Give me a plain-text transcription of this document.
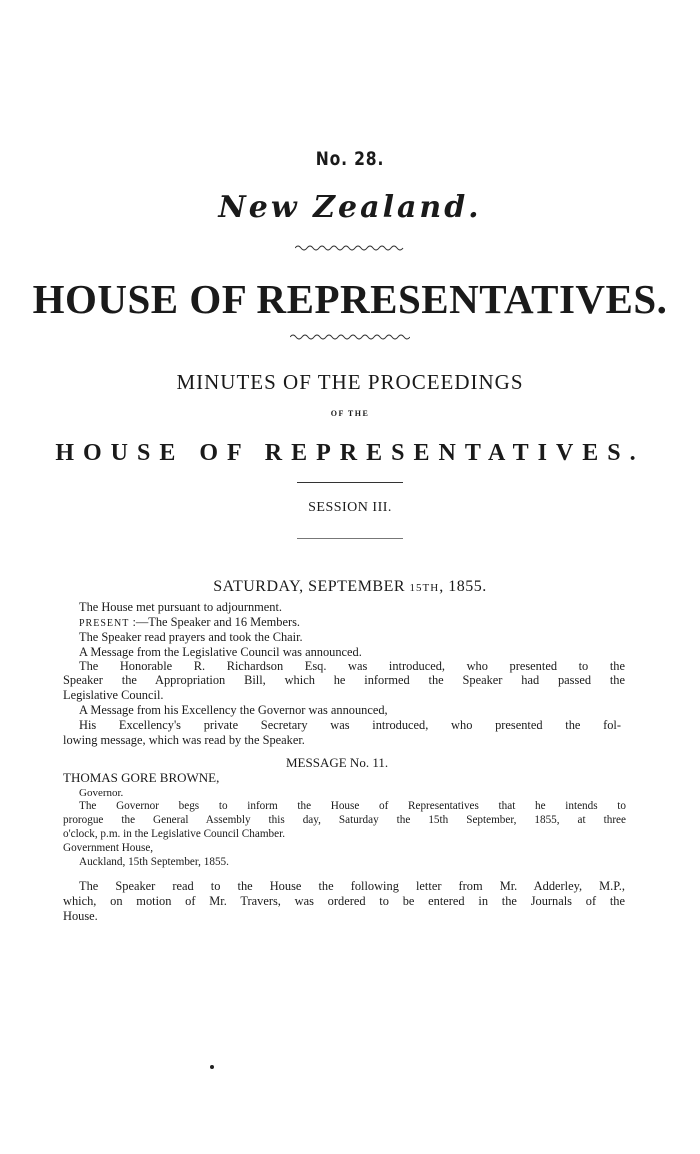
No. 28.
New Zealand.
HOUSE OF REPRESENTATIVES.
MINUTES OF THE PROCEEDINGS
OF THE
HOUSE OF REPRESENTATIVES.
SESSION III.
SATURDAY, SEPTEMBER 15TH, 1855.
The House met pursuant to adjournment.
PRESENT :—The Speaker and 16 Members.
The Speaker read prayers and took the Chair.
A Message from the Legislative Council was announced.
The Honorable R. Richardson Esq. was introduced, who presented to the
Speaker the Appropriation Bill, which he informed the Speaker had passed the
Legislative Council.
A Message from his Excellency the Governor was announced,
His Excellency's private Secretary was introduced, who presented the fol-
lowing message, which was read by the Speaker.
MESSAGE No. 11.
THOMAS GORE BROWNE,
Governor.
The Governor begs to inform the House of Representatives that he intends to
prorogue the General Assembly this day, Saturday the 15th September, 1855, at three
o'clock, p.m. in the Legislative Council Chamber.
Government House,
Auckland, 15th September, 1855.
The Speaker read to the House the following letter from Mr. Adderley, M.P.,
which, on motion of Mr. Travers, was ordered to be entered in the Journals of the
House.
